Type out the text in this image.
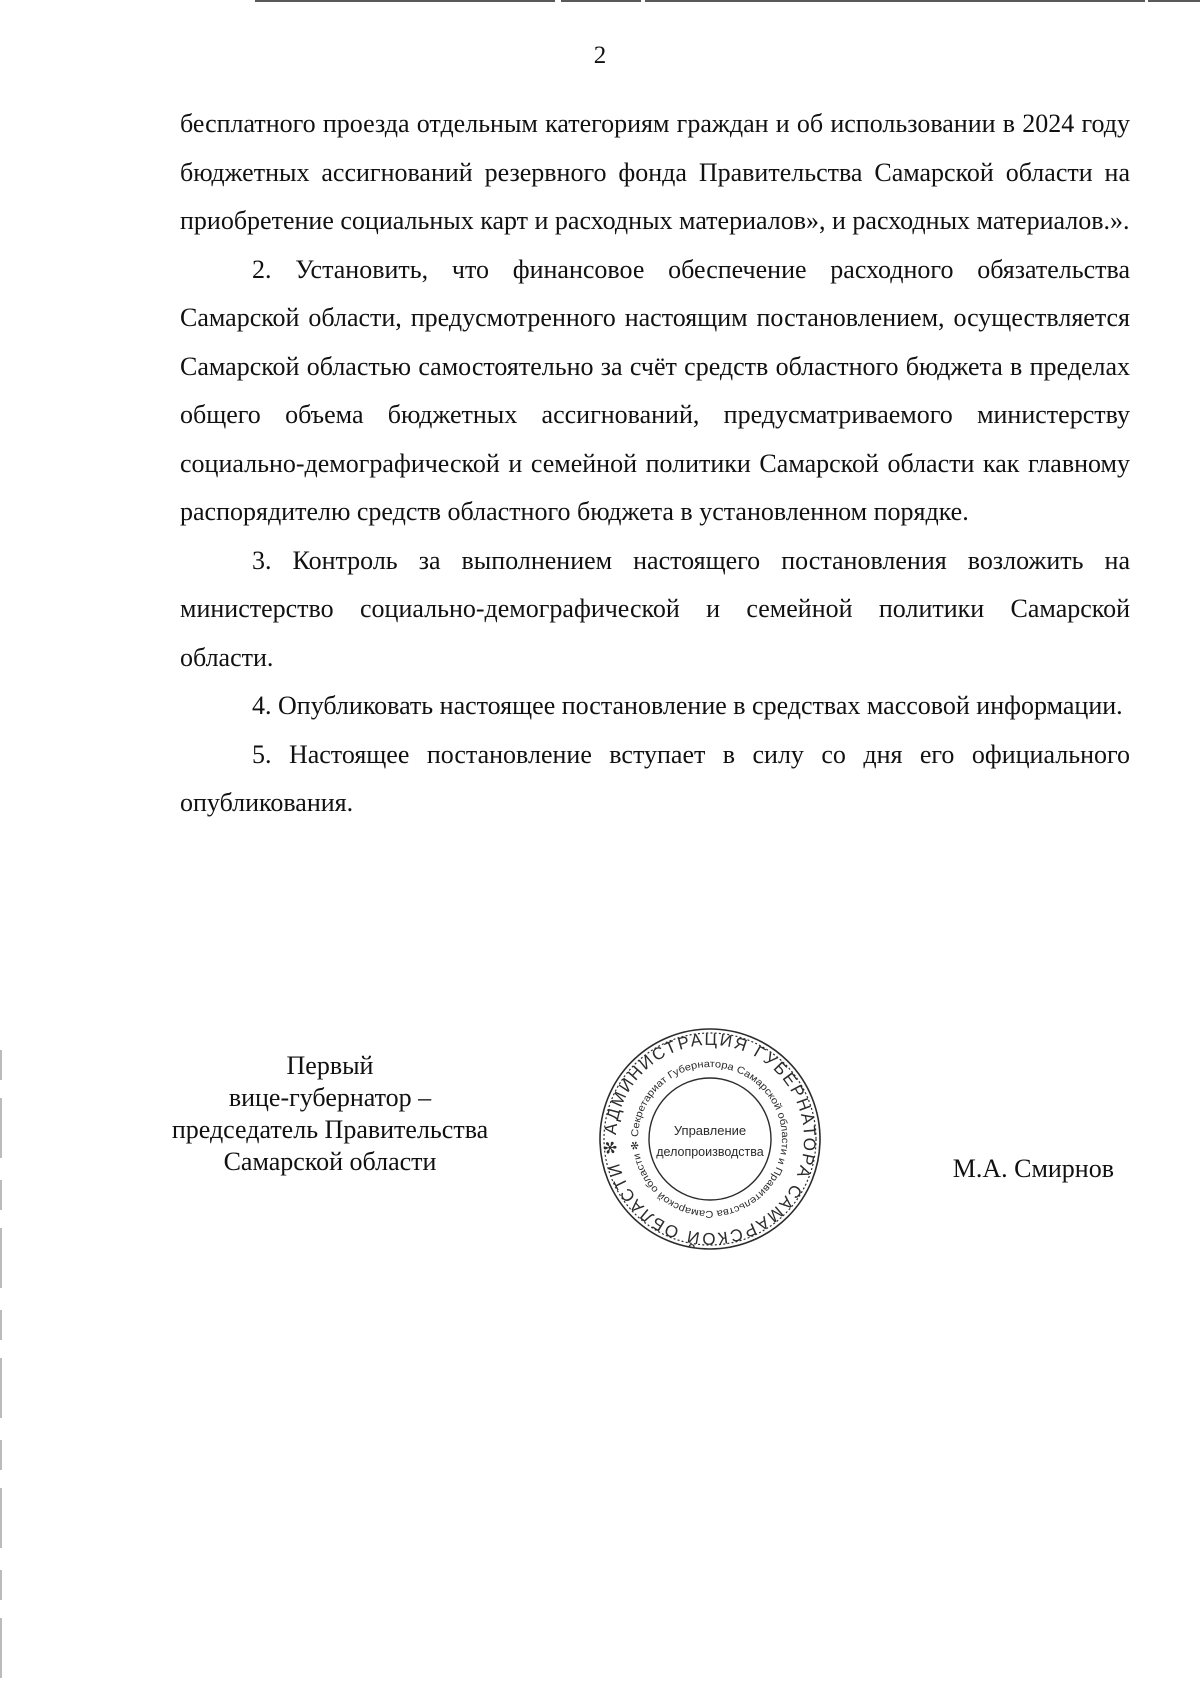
2

бесплатного проезда отдельным категориям граждан и об использовании в 2024 году бюджетных ассигнований резервного фонда Правительства Самарской области на приобретение социальных карт и расходных материалов», и расходных материалов.».

2. Установить, что финансовое обеспечение расходного обязательства Самарской области, предусмотренного настоящим постановлением, осуществляется Самарской областью самостоятельно за счёт средств областного бюджета в пределах общего объема бюджетных ассигнований, предусматриваемого министерству социально-демографической и семейной политики Самарской области как главному распорядителю средств областного бюджета в установленном порядке.

3. Контроль за выполнением настоящего постановления возложить на министерство социально-демографической и семейной политики Самарской области.

4. Опубликовать настоящее постановление в средствах массовой информации.

5. Настоящее постановление вступает в силу со дня его официального опубликования.

Первый
вице-губернатор –
председатель Правительства
Самарской области
АДМИНИСТРАЦИЯ ГУБЕРНАТОРА САМАРСКОЙ ОБЛАСТИ ✻
Секретариат Губернатора Самарской области и Правительства Самарской области ✻
Управление
делопроизводства
М.А. Смирнов
